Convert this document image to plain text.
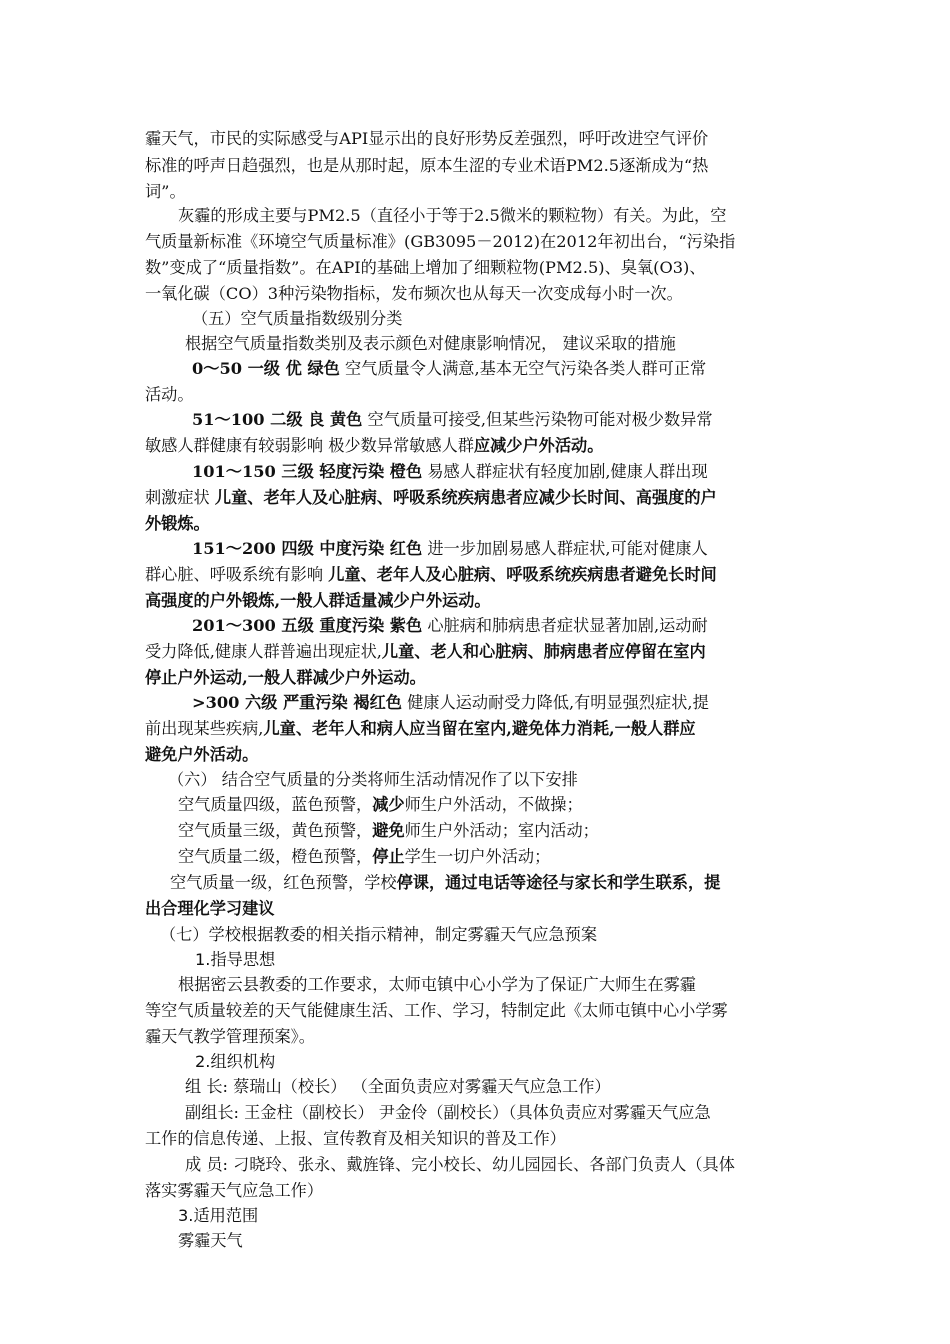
霾天气，市民的实际感受与API显示出的良好形势反差强烈，呼吁改进空气评价
标准的呼声日趋强烈，也是从那时起，原本生涩的专业术语PM2.5逐渐成为“热
词”。
灰霾的形成主要与PM2.5（直径小于等于2.5微米的颗粒物）有关。为此，空
气质量新标准《环境空气质量标准》(GB3095－2012)在2012年初出台，“污染指
数”变成了“质量指数”。在API的基础上增加了细颗粒物(PM2.5)、臭氧(O3)、
一氧化碳（CO）3种污染物指标，发布频次也从每天一次变成每小时一次。
（五）空气质量指数级别分类
根据空气质量指数类别及表示颜色对健康影响情况， 建议采取的措施
0～50 一级 优 绿色 空气质量令人满意,基本无空气污染各类人群可正常
活动。
51～100 二级 良 黄色 空气质量可接受,但某些污染物可能对极少数异常
敏感人群健康有较弱影响 极少数异常敏感人群应减少户外活动。
101～150 三级 轻度污染 橙色 易感人群症状有轻度加剧,健康人群出现
刺激症状 儿童、老年人及心脏病、呼吸系统疾病患者应减少长时间、高强度的户
外锻炼。
151～200 四级 中度污染 红色 进一步加剧易感人群症状,可能对健康人
群心脏、呼吸系统有影响 儿童、老年人及心脏病、呼吸系统疾病患者避免长时间
高强度的户外锻炼,一般人群适量减少户外运动。
201～300 五级 重度污染 紫色 心脏病和肺病患者症状显著加剧,运动耐
受力降低,健康人群普遍出现症状,儿童、老人和心脏病、肺病患者应停留在室内
停止户外运动,一般人群减少户外运动。
>300 六级 严重污染 褐红色 健康人运动耐受力降低,有明显强烈症状,提
前出现某些疾病,儿童、老年人和病人应当留在室内,避免体力消耗,一般人群应
避免户外活动。
（六） 结合空气质量的分类将师生活动情况作了以下安排
空气质量四级，蓝色预警，减少师生户外活动，不做操；
空气质量三级，黄色预警，避免师生户外活动；室内活动；
空气质量二级，橙色预警，停止学生一切户外活动；
空气质量一级，红色预警，学校停课，通过电话等途径与家长和学生联系，提
出合理化学习建议
（七）学校根据教委的相关指示精神，制定雾霾天气应急预案
1.指导思想
根据密云县教委的工作要求，太师屯镇中心小学为了保证广大师生在雾霾
等空气质量较差的天气能健康生活、工作、学习，特制定此《太师屯镇中心小学雾
霾天气教学管理预案》。
2.组织机构
组 长: 蔡瑞山（校长） （全面负责应对雾霾天气应急工作）
副组长: 王金柱（副校长） 尹金伶（副校长）（具体负责应对雾霾天气应急
工作的信息传递、上报、宣传教育及相关知识的普及工作）
成 员: 刁晓玲、张永、戴旌锋、完小校长、幼儿园园长、各部门负责人（具体
落实雾霾天气应急工作）
3.适用范围
雾霾天气
